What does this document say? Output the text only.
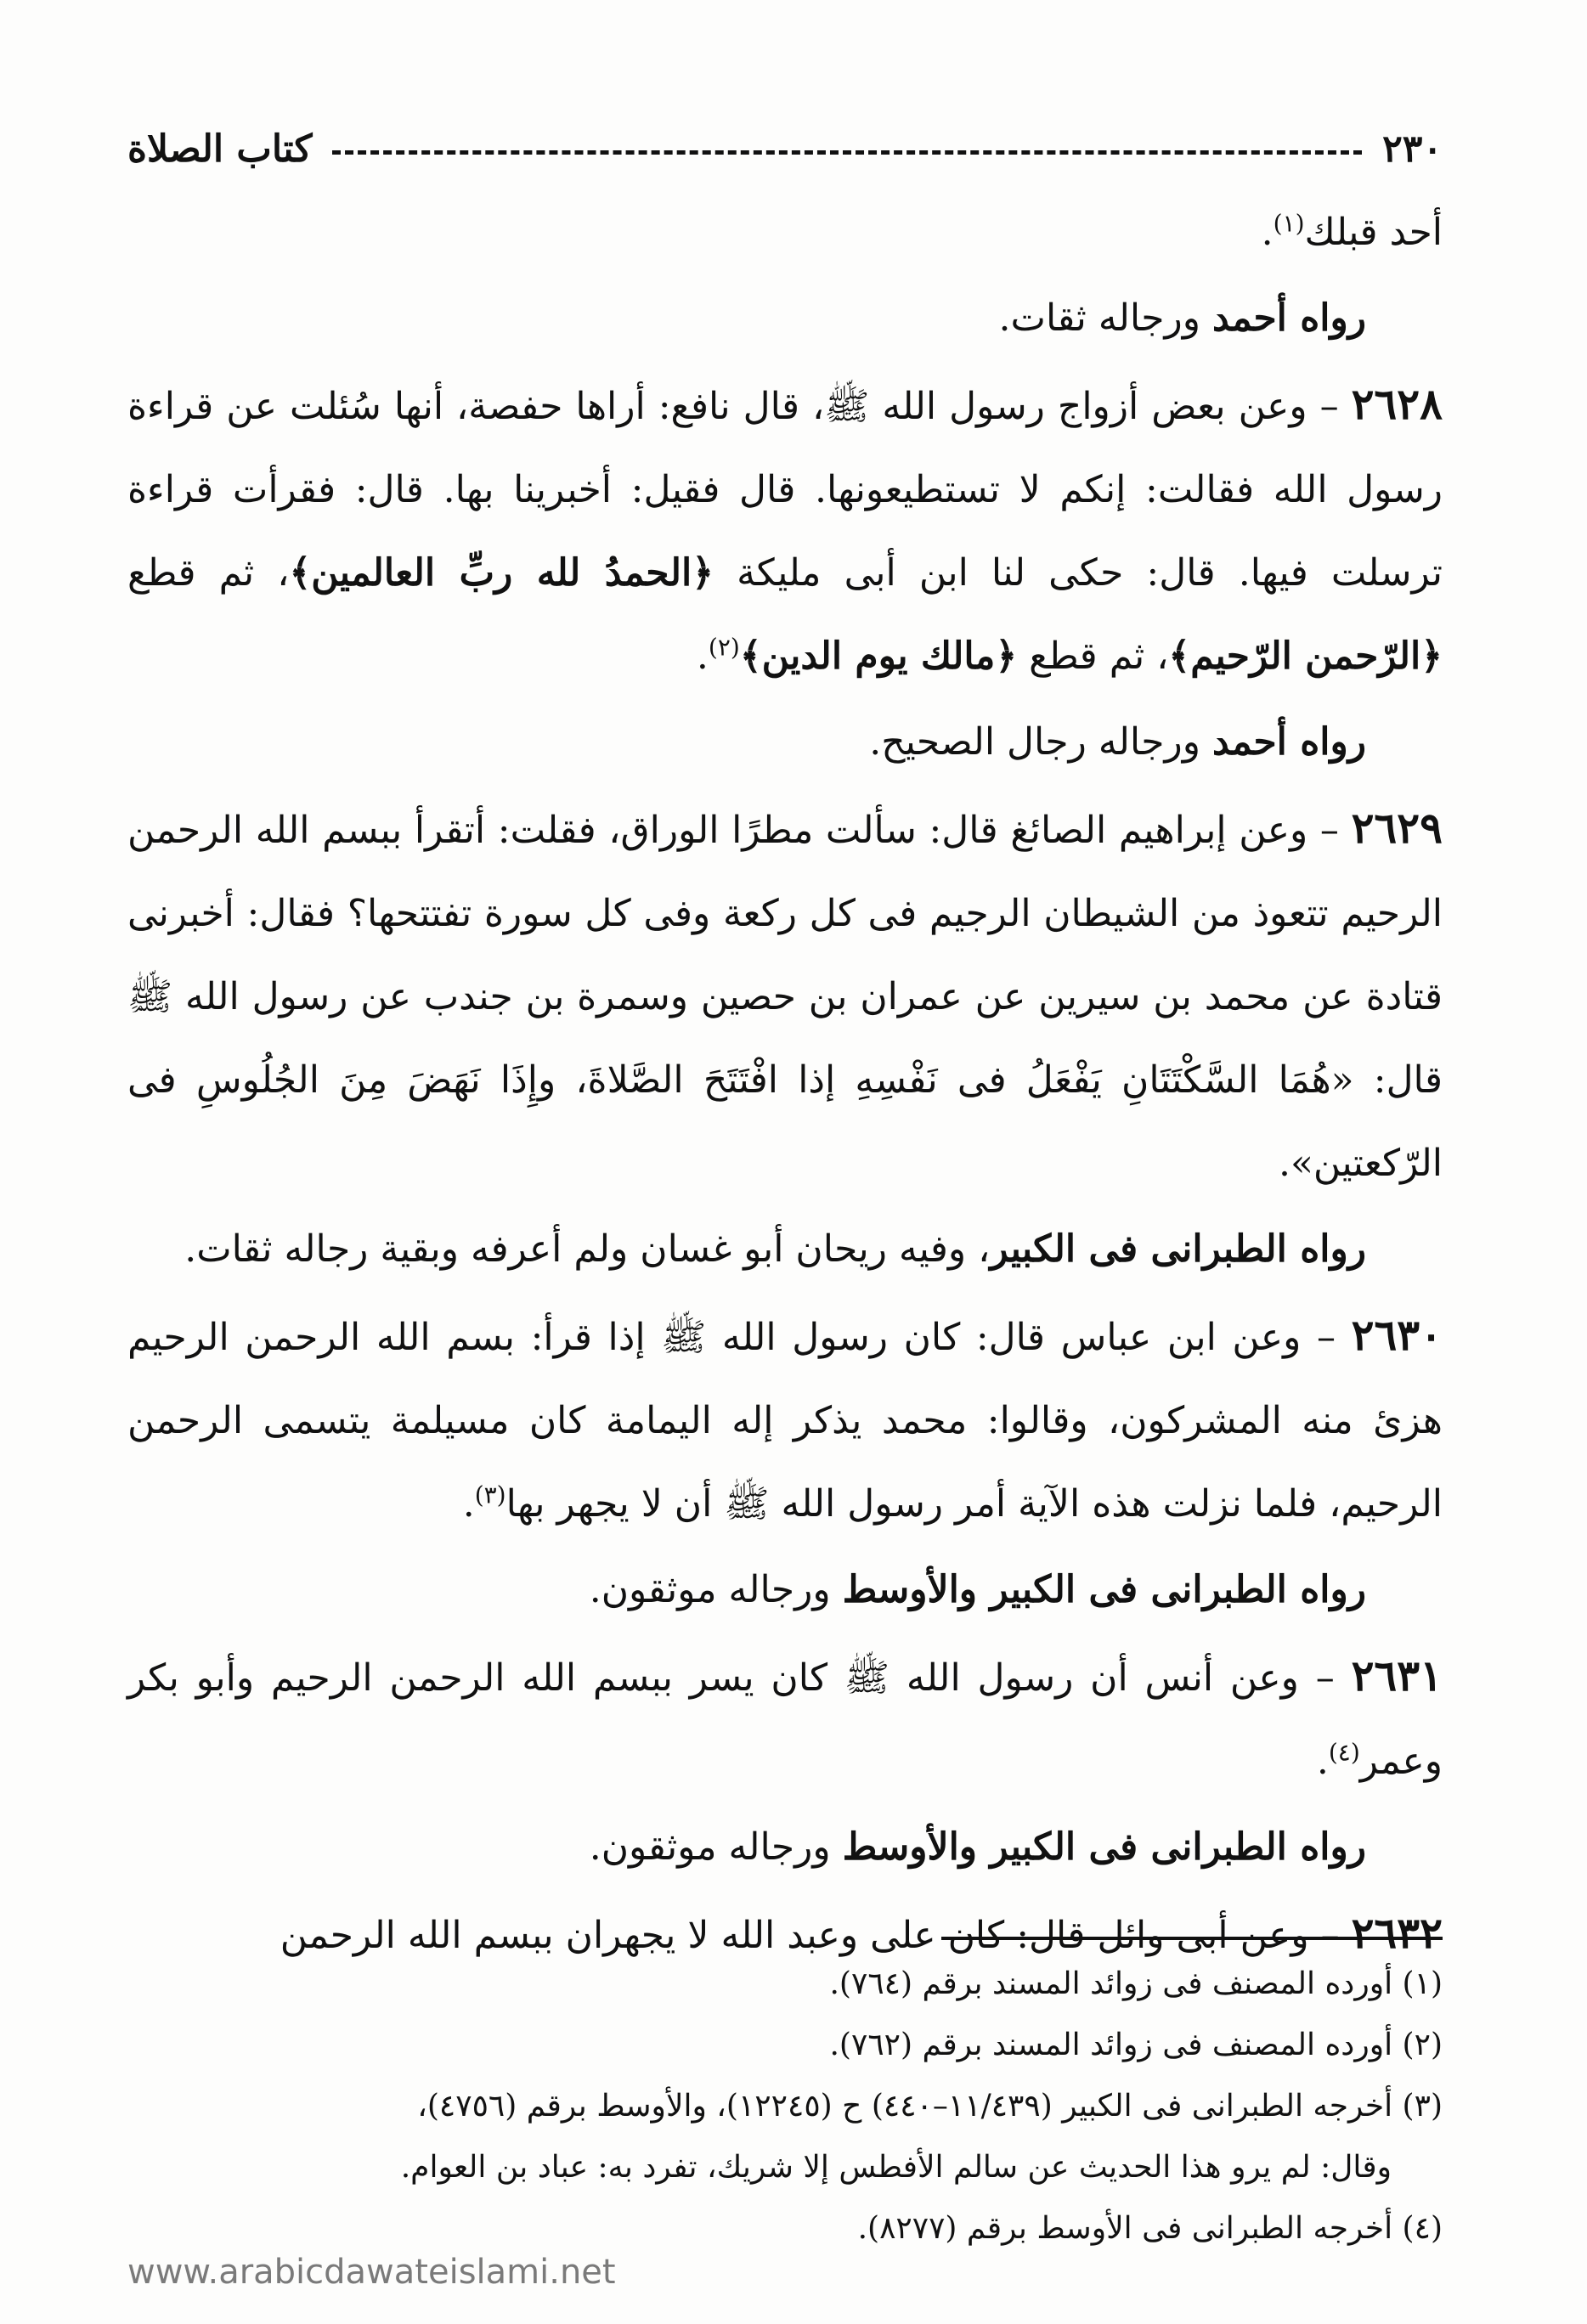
٢٣٠
كتاب الصلاة

أحد قبلك$^{(١)}$.

رواه أحمد ورجاله ثقات.

٢٦٢٨ – وعن بعض أزواج رسول الله ﷺ، قال نافع: أراها حفصة، أنها سُئلت عن قراءة رسول الله فقالت: إنكم لا تستطيعونها. قال فقيل: أخبرينا بها. قال: فقرأت قراءة ترسلت فيها. قال: حكى لنا ابن أبى مليكة ﴿الحمدُ لله ربِّ العالمين﴾، ثم قطع ﴿الرّحمن الرّحيم﴾، ثم قطع ﴿مالك يوم الدين﴾$^{(٢)}$.

رواه أحمد ورجاله رجال الصحيح.

٢٦٢٩ – وعن إبراهيم الصائغ قال: سألت مطرًا الوراق، فقلت: أتقرأ ببسم الله الرحمن الرحيم تتعوذ من الشيطان الرجيم فى كل ركعة وفى كل سورة تفتتحها؟ فقال: أخبرنى قتادة عن محمد بن سيرين عن عمران بن حصين وسمرة بن جندب عن رسول الله ﷺ قال: «هُمَا السَّكْتَتَانِ يَفْعَلُ فى نَفْسِهِ إذا افْتَتَحَ الصَّلاةَ، وإِذَا نَهَضَ مِنَ الجُلُوسِ فى الرّكعتين».

رواه الطبرانى فى الكبير، وفيه ريحان أبو غسان ولم أعرفه وبقية رجاله ثقات.

٢٦٣٠ – وعن ابن عباس قال: كان رسول الله ﷺ إذا قرأ: بسم الله الرحمن الرحيم هزئ منه المشركون، وقالوا: محمد يذكر إله اليمامة كان مسيلمة يتسمى الرحمن الرحيم، فلما نزلت هذه الآية أمر رسول الله ﷺ أن لا يجهر بها$^{(٣)}$.

رواه الطبرانى فى الكبير والأوسط ورجاله موثقون.

٢٦٣١ – وعن أنس أن رسول الله ﷺ كان يسر ببسم الله الرحمن الرحيم وأبو بكر وعمر$^{(٤)}$.

رواه الطبرانى فى الكبير والأوسط ورجاله موثقون.

٢٦٣٢ – وعن أبى وائل قال: كان على وعبد الله لا يجهران ببسم الله الرحمن

(١) أورده المصنف فى زوائد المسند برقم (٧٦٤).

(٢) أورده المصنف فى زوائد المسند برقم (٧٦٢).

(٣) أخرجه الطبرانى فى الكبير (١١/٤٣٩–٤٤٠) ح (١٢٢٤٥)، والأوسط برقم (٤٧٥٦)،

وقال: لم يرو هذا الحديث عن سالم الأفطس إلا شريك، تفرد به: عباد بن العوام.

(٤) أخرجه الطبرانى فى الأوسط برقم (٨٢٧٧).

www.arabicdawateislami.net
